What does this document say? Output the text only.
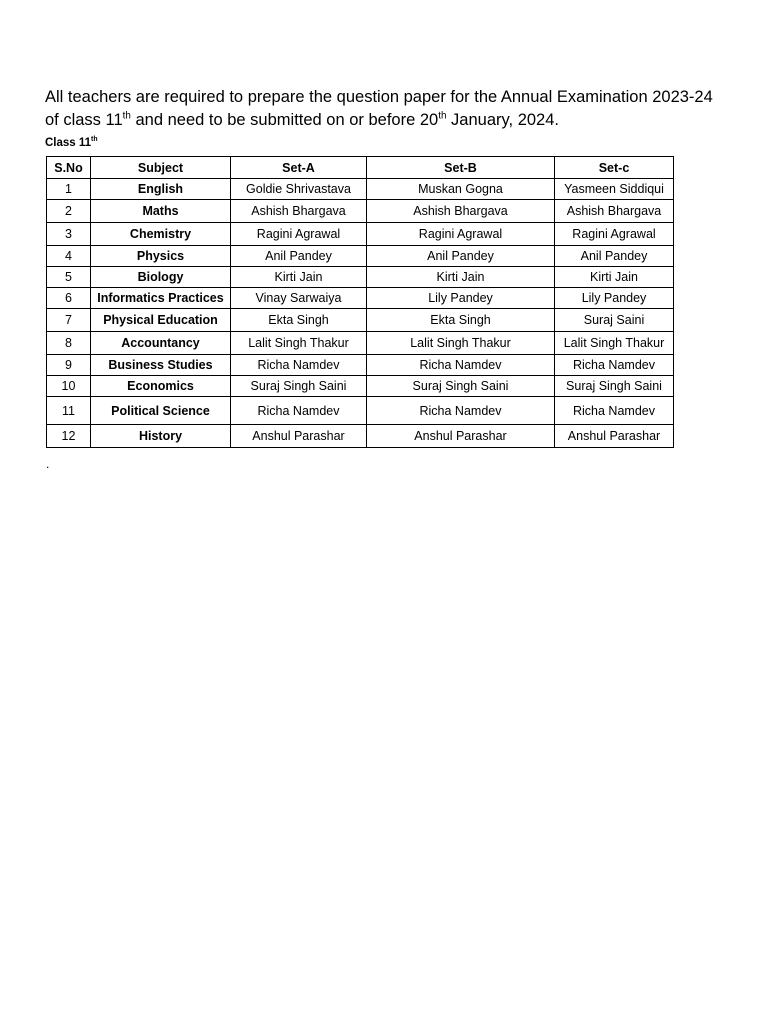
All teachers are required to prepare the question paper for the Annual Examination 2023-24 of class 11th and need to be submitted on or before 20th January, 2024.

Class 11th

S.No	Subject	Set-A	Set-B	Set-c
1	English	Goldie Shrivastava	Muskan Gogna	Yasmeen Siddiqui
2	Maths	Ashish Bhargava	Ashish Bhargava	Ashish Bhargava
3	Chemistry	Ragini Agrawal	Ragini Agrawal	Ragini Agrawal
4	Physics	Anil Pandey	Anil Pandey	Anil Pandey
5	Biology	Kirti Jain	Kirti Jain	Kirti Jain
6	Informatics Practices	Vinay Sarwaiya	Lily Pandey	Lily Pandey
7	Physical Education	Ekta Singh	Ekta Singh	Suraj Saini
8	Accountancy	Lalit Singh Thakur	Lalit Singh Thakur	Lalit Singh Thakur
9	Business Studies	Richa Namdev	Richa Namdev	Richa Namdev
10	Economics	Suraj Singh Saini	Suraj Singh Saini	Suraj Singh Saini
11	Political Science	Richa Namdev	Richa Namdev	Richa Namdev
12	History	Anshul Parashar	Anshul Parashar	Anshul Parashar

.
